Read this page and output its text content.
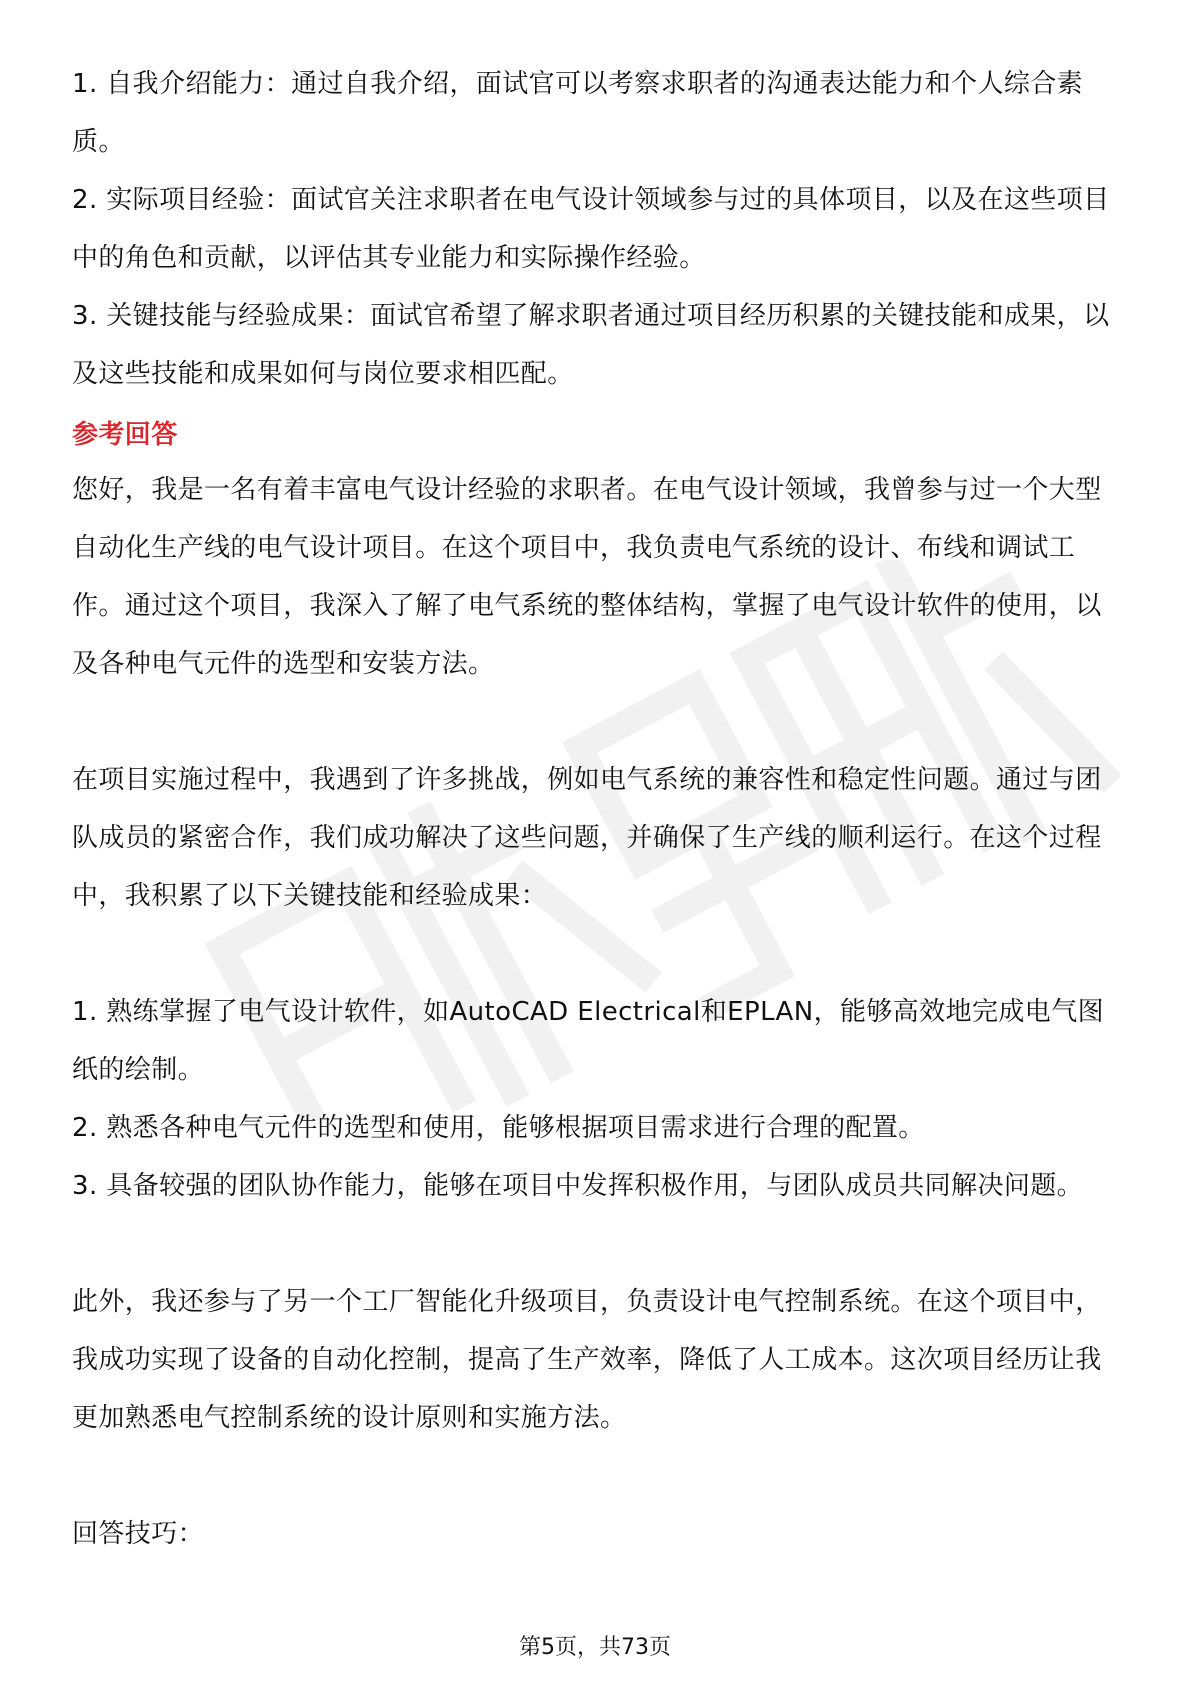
1. 自我介绍能力：通过自我介绍，面试官可以考察求职者的沟通表达能力和个人综合素质。

2. 实际项目经验：面试官关注求职者在电气设计领域参与过的具体项目，以及在这些项目中的角色和贡献，以评估其专业能力和实际操作经验。

3. 关键技能与经验成果：面试官希望了解求职者通过项目经历积累的关键技能和成果，以及这些技能和成果如何与岗位要求相匹配。

参考回答

您好，我是一名有着丰富电气设计经验的求职者。在电气设计领域，我曾参与过一个大型自动化生产线的电气设计项目。在这个项目中，我负责电气系统的设计、布线和调试工作。通过这个项目，我深入了解了电气系统的整体结构，掌握了电气设计软件的使用，以及各种电气元件的选型和安装方法。

在项目实施过程中，我遇到了许多挑战，例如电气系统的兼容性和稳定性问题。通过与团队成员的紧密合作，我们成功解决了这些问题，并确保了生产线的顺利运行。在这个过程中，我积累了以下关键技能和经验成果：

1. 熟练掌握了电气设计软件，如AutoCAD Electrical和EPLAN，能够高效地完成电气图纸的绘制。

2. 熟悉各种电气元件的选型和使用，能够根据项目需求进行合理的配置。

3. 具备较强的团队协作能力，能够在项目中发挥积极作用，与团队成员共同解决问题。

此外，我还参与了另一个工厂智能化升级项目，负责设计电气控制系统。在这个项目中，我成功实现了设备的自动化控制，提高了生产效率，降低了人工成本。这次项目经历让我更加熟悉电气控制系统的设计原则和实施方法。

回答技巧：

第5页，共73页
